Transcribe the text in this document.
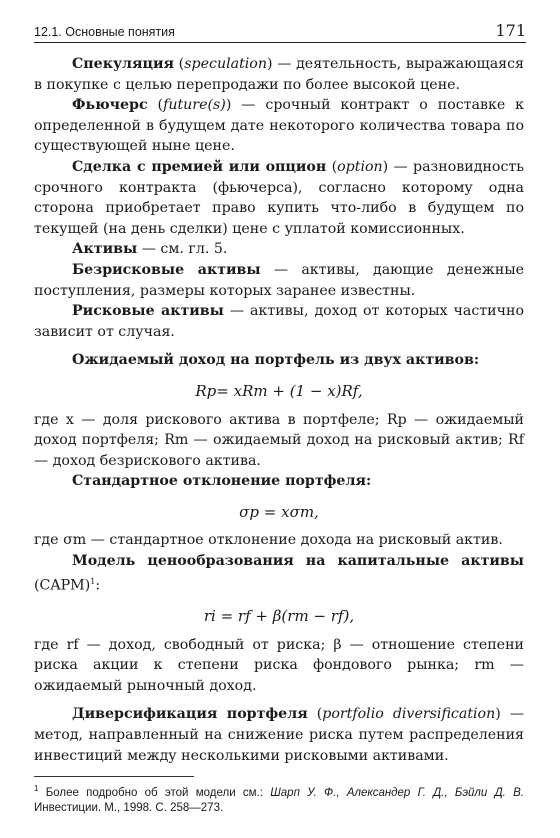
12.1. Основные понятия	171

Спекуляция (speculation) — деятельность, выражающаяся в покупке с целью перепродажи по более высокой цене.

Фьючерс (future(s)) — срочный контракт о поставке к определенной в будущем дате некоторого количества товара по существующей ныне цене.

Сделка с премией или опцион (option) — разновидность срочного контракта (фьючерса), согласно которому одна сторона приобретает право купить что-либо в будущем по текущей (на день сделки) цене с уплатой комиссионных.

Активы — см. гл. 5.

Безрисковые активы — активы, дающие денежные поступления, размеры которых заранее известны.

Рисковые активы — активы, доход от которых частично зависит от случая.

Ожидаемый доход на портфель из двух активов:

Rp= xRm + (1 − x)Rf,

где x — доля рискового актива в портфеле; Rp — ожидаемый доход портфеля; Rm — ожидаемый доход на рисковый актив; Rf — доход безрискового актива.

Стандартное отклонение портфеля:

σp = xσm,

где σm — стандартное отклонение дохода на рисковый актив.

Модель ценообразования на капитальные активы (CAPM)$^1$:

ri = rf + β(rm − rf),

где rf — доход, свободный от риска; β — отношение степени риска акции к степени риска фондового рынка; rm — ожидаемый рыночный доход.

Диверсификация портфеля (portfolio diversification) — метод, направленный на снижение риска путем распределения инвестиций между несколькими рисковыми активами.

$^1$ Более подробно об этой модели см.: Шарп У. Ф., Александер Г. Д., Бэйли Д. В. Инвестиции. М., 1998. С. 258—273.
